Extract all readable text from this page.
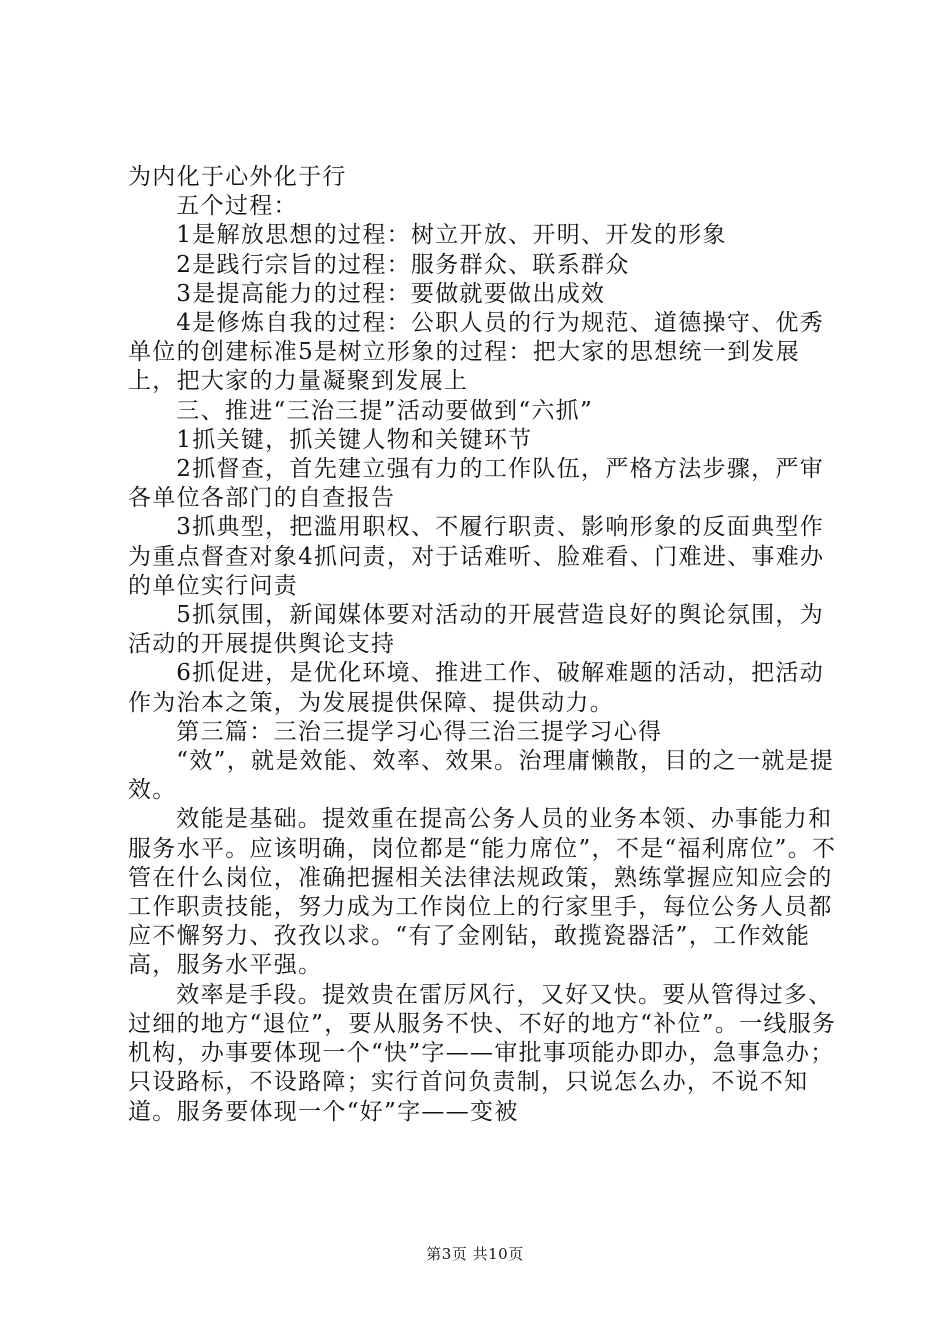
为内化于心外化于行

五个过程：

1是解放思想的过程：树立开放、开明、开发的形象

2是践行宗旨的过程：服务群众、联系群众

3是提高能力的过程：要做就要做出成效

4是修炼自我的过程：公职人员的行为规范、道德操守、优秀单位的创建标准5是树立形象的过程：把大家的思想统一到发展上，把大家的力量凝聚到发展上

三、推进“三治三提”活动要做到“六抓”

1抓关键，抓关键人物和关键环节

2抓督查，首先建立强有力的工作队伍，严格方法步骤，严审各单位各部门的自查报告

3抓典型，把滥用职权、不履行职责、影响形象的反面典型作为重点督查对象4抓问责，对于话难听、脸难看、门难进、事难办的单位实行问责

5抓氛围，新闻媒体要对活动的开展营造良好的舆论氛围，为活动的开展提供舆论支持

6抓促进，是优化环境、推进工作、破解难题的活动，把活动作为治本之策，为发展提供保障、提供动力。

第三篇：三治三提学习心得三治三提学习心得

“效”，就是效能、效率、效果。治理庸懒散，目的之一就是提效。

效能是基础。提效重在提高公务人员的业务本领、办事能力和服务水平。应该明确，岗位都是“能力席位”，不是“福利席位”。不管在什么岗位，准确把握相关法律法规政策，熟练掌握应知应会的工作职责技能，努力成为工作岗位上的行家里手，每位公务人员都应不懈努力、孜孜以求。“有了金刚钻，敢揽瓷器活”，工作效能高，服务水平强。

效率是手段。提效贵在雷厉风行，又好又快。要从管得过多、过细的地方“退位”，要从服务不快、不好的地方“补位”。一线服务机构，办事要体现一个“快”字——审批事项能办即办，急事急办；只设路标，不设路障；实行首问负责制，只说怎么办，不说不知道。服务要体现一个“好”字——变被

第3页 共10页
